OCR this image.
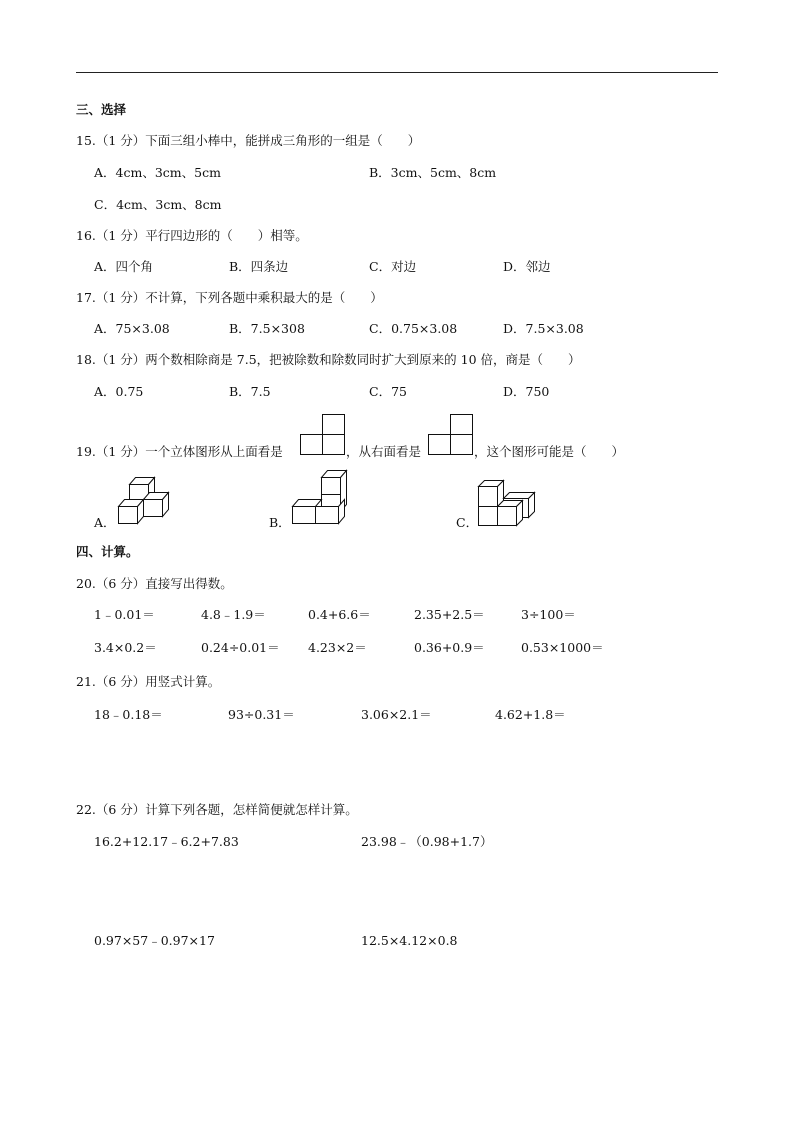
三、选择
15.（1 分）下面三组小棒中，能拼成三角形的一组是（　　）
A．4cm、3cm、5cm	B．3cm、5cm、8cm
C．4cm、3cm、8cm
16.（1 分）平行四边形的（　　）相等。
A．四个角	B．四条边	C．对边	D．邻边
17.（1 分）不计算，下列各题中乘积最大的是（　　）
A．75×3.08	B．7.5×308	C．0.75×3.08	D．7.5×3.08
18.（1 分）两个数相除商是 7.5，把被除数和除数同时扩大到原来的 10 倍，商是（　　）
A．0.75	B．7.5	C．75	D．750
19.（1 分）一个立体图形从上面看是	，从右面看是	，这个图形可能是（　　）
A．	B．	C．
四、计算。
20.（6 分）直接写出得数。
1﹣0.01＝	4.8﹣1.9＝	0.4+6.6＝	2.35+2.5＝	3÷100＝
3.4×0.2＝	0.24÷0.01＝ 4.23×2＝	0.36+0.9＝	0.53×1000＝
21.（6 分）用竖式计算。
18﹣0.18＝	93÷0.31＝	3.06×2.1＝	4.62+1.8＝
22.（6 分）计算下列各题，怎样简便就怎样计算。
16.2+12.17﹣6.2+7.83	23.98﹣（0.98+1.7）
0.97×57﹣0.97×17	12.5×4.12×0.8
